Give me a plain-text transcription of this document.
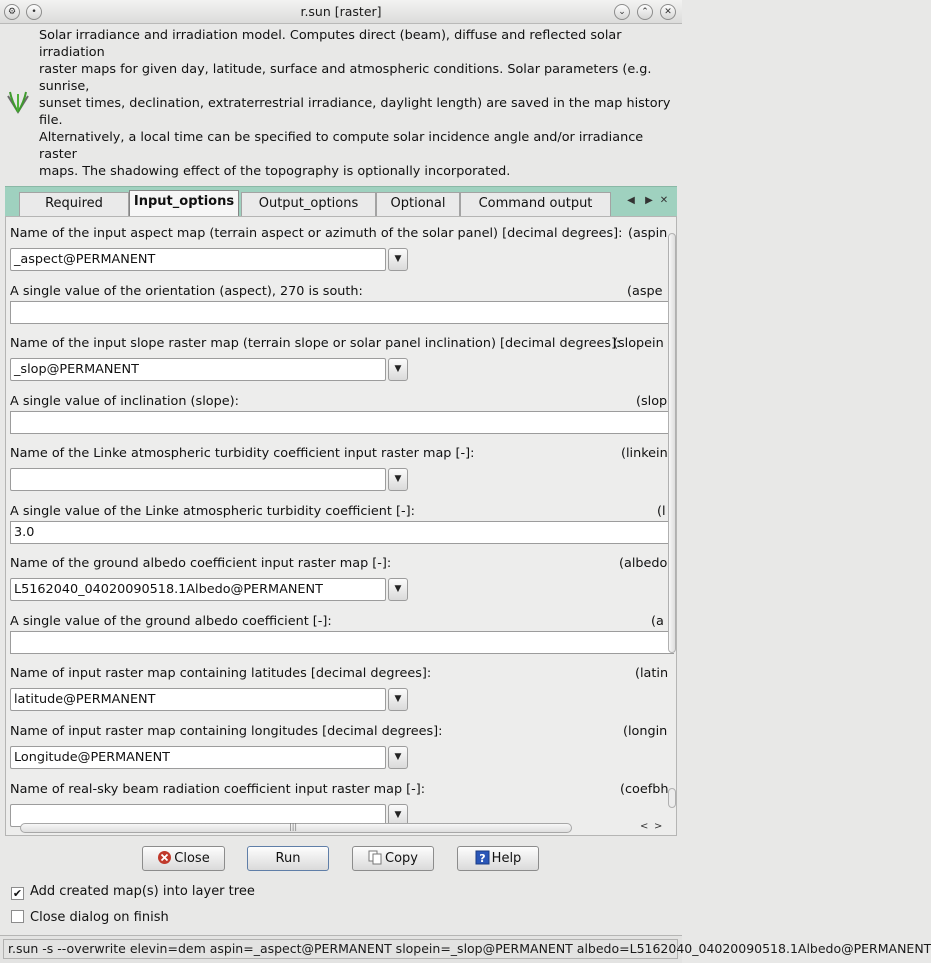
⚙	•	r.sun [raster]	⌄	⌃	✕
Solar irradiance and irradiation model. Computes direct (beam), diffuse and reflected solar irradiation
raster maps for given day, latitude, surface and atmospheric conditions. Solar parameters (e.g. sunrise,
sunset times, declination, extraterrestrial irradiance, daylight length) are saved in the map history file.
Alternatively, a local time can be specified to compute solar incidence angle and/or irradiance raster
maps. The shadowing effect of the topography is optionally incorporated.
Required	Input_options	Output_options	Optional	Command output	◀	▶ ✕
Name of the input aspect map (terrain aspect or azimuth of the solar panel) [decimal degrees]: (aspin
_aspect@PERMANENT	▼
A single value of the orientation (aspect), 270 is south:	(aspe
Name of the input slope raster map (terrain slope or solar panel inclination) [decimal degrees]:
(slopein
_slop@PERMANENT	▼
A single value of inclination (slope):	(slop
Name of the Linke atmospheric turbidity coefficient input raster map [-]:	(linkein
▼
A single value of the Linke atmospheric turbidity coefficient [-]:	(l
3.0
Name of the ground albedo coefficient input raster map [-]:	(albedo
L5162040_04020090518.1Albedo@PERMANENT	▼
A single value of the ground albedo coefficient [-]:	(a
Name of input raster map containing latitudes [decimal degrees]:	(latin
latitude@PERMANENT	▼
Name of input raster map containing longitudes [decimal degrees]:	(longin
Longitude@PERMANENT	▼
Name of real-sky beam radiation coefficient input raster map [-]:	(coefbh
▼
|||	< >
Close	Run	Copy	? Help
✔ Add created map(s) into layer tree
Close dialog on finish
r.sun -s --overwrite elevin=dem aspin=_aspect@PERMANENT slopein=_slop@PERMANENT albedo=L5162040_04020090518.1Albedo@PERMANENT
